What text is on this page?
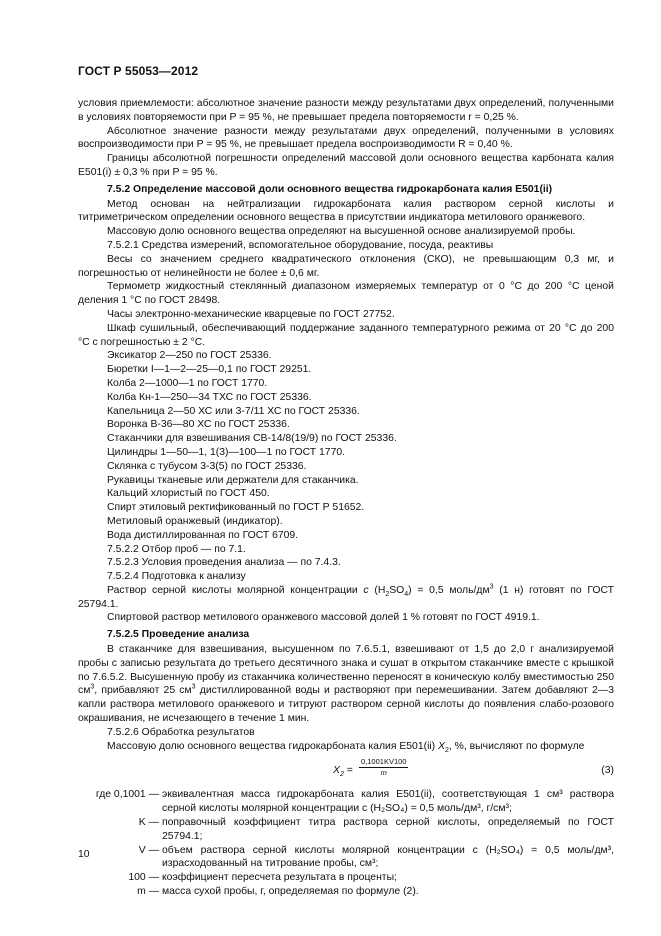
ГОСТ Р 55053—2012

условия приемлемости: абсолютное значение разности между результатами двух определений, полученными в условиях повторяемости при P = 95 %, не превышает предела повторяемости r = 0,25 %.

Абсолютное значение разности между результатами двух определений, полученными в условиях воспроизводимости при P = 95 %, не превышает предела воспроизводимости R = 0,40 %.

Границы абсолютной погрешности определений массовой доли основного вещества карбоната калия E501(i) ± 0,3 % при P = 95 %.

7.5.2 Определение массовой доли основного вещества гидрокарбоната калия E501(ii)

Метод основан на нейтрализации гидрокарбоната калия раствором серной кислоты и титриметрическом определении основного вещества в присутствии индикатора метилового оранжевого.

Массовую долю основного вещества определяют на высушенной основе анализируемой пробы.

7.5.2.1 Средства измерений, вспомогательное оборудование, посуда, реактивы

Весы со значением среднего квадратического отклонения (СКО), не превышающим 0,3 мг, и погрешностью от нелинейности не более ± 0,6 мг.

Термометр жидкостный стеклянный диапазоном измеряемых температур от 0 °С до 200 °С ценой деления 1 °С по ГОСТ 28498.

Часы электронно-механические кварцевые по ГОСТ 27752.

Шкаф сушильный, обеспечивающий поддержание заданного температурного режима от 20 °С до 200 °С с погрешностью ± 2 °С.

Эксикатор 2—250 по ГОСТ 25336.

Бюретки I—1—2—25—0,1 по ГОСТ 29251.

Колба 2—1000—1 по ГОСТ 1770.

Колба Кн-1—250—34 ТХС по ГОСТ 25336.

Капельница 2—50 ХС или 3-7/11 ХС по ГОСТ 25336.

Воронка В-36—80 ХС по ГОСТ 25336.

Стаканчики для взвешивания СВ-14/8(19/9) по ГОСТ 25336.

Цилиндры 1—50—1, 1(3)—100—1 по ГОСТ 1770.

Склянка с тубусом 3-3(5) по ГОСТ 25336.

Рукавицы тканевые или держатели для стаканчика.

Кальций хлористый по ГОСТ 450.

Спирт этиловый ректификованный по ГОСТ Р 51652.

Метиловый оранжевый (индикатор).

Вода дистиллированная по ГОСТ 6709.

7.5.2.2 Отбор проб — по 7.1.

7.5.2.3 Условия проведения анализа — по 7.4.3.

7.5.2.4 Подготовка к анализу

Раствор серной кислоты молярной концентрации c $(H_2SO_4) = 0,5$ моль/$дм^3$ (1 н) готовят по ГОСТ 25794.1.

Спиртовой раствор метилового оранжевого массовой долей 1 % готовят по ГОСТ 4919.1.

7.5.2.5 Проведение анализа

В стаканчике для взвешивания, высушенном по 7.6.5.1, взвешивают от 1,5 до 2,0 г анализируемой пробы с записью результата до третьего десятичного знака и сушат в открытом стаканчике вместе с крышкой по 7.6.5.2. Высушенную пробу из стаканчика количественно переносят в коническую колбу вместимостью 250 $см^3$, прибавляют 25 $см^3$ дистиллированной воды и растворяют при перемешивании. Затем добавляют 2—3 капли раствора метилового оранжевого и титруют раствором серной кислоты до появления слабо-розового окрашивания, не исчезающего в течение 1 мин.

7.5.2.6 Обработка результатов

Массовую долю основного вещества гидрокарбоната калия E501(ii) $X_2$, %, вычисляют по формуле

$X_2 = \frac{0,1001KV100}{m}$	(3)
где 0,1001 — эквивалентная масса гидрокарбоната калия E501(ii), соответствующая 1 см³ раствора серной кислоты молярной концентрации c (H₂SO₄) = 0,5 моль/дм³, г/см³;
K — поправочный коэффициент титра раствора серной кислоты, определяемый по ГОСТ 25794.1;
V — объем раствора серной кислоты молярной концентрации c (H₂SO₄) = 0,5 моль/дм³, израсходованный на титрование пробы, см³;
100 — коэффициент пересчета результата в проценты;
m — масса сухой пробы, г, определяемая по формуле (2).
10
